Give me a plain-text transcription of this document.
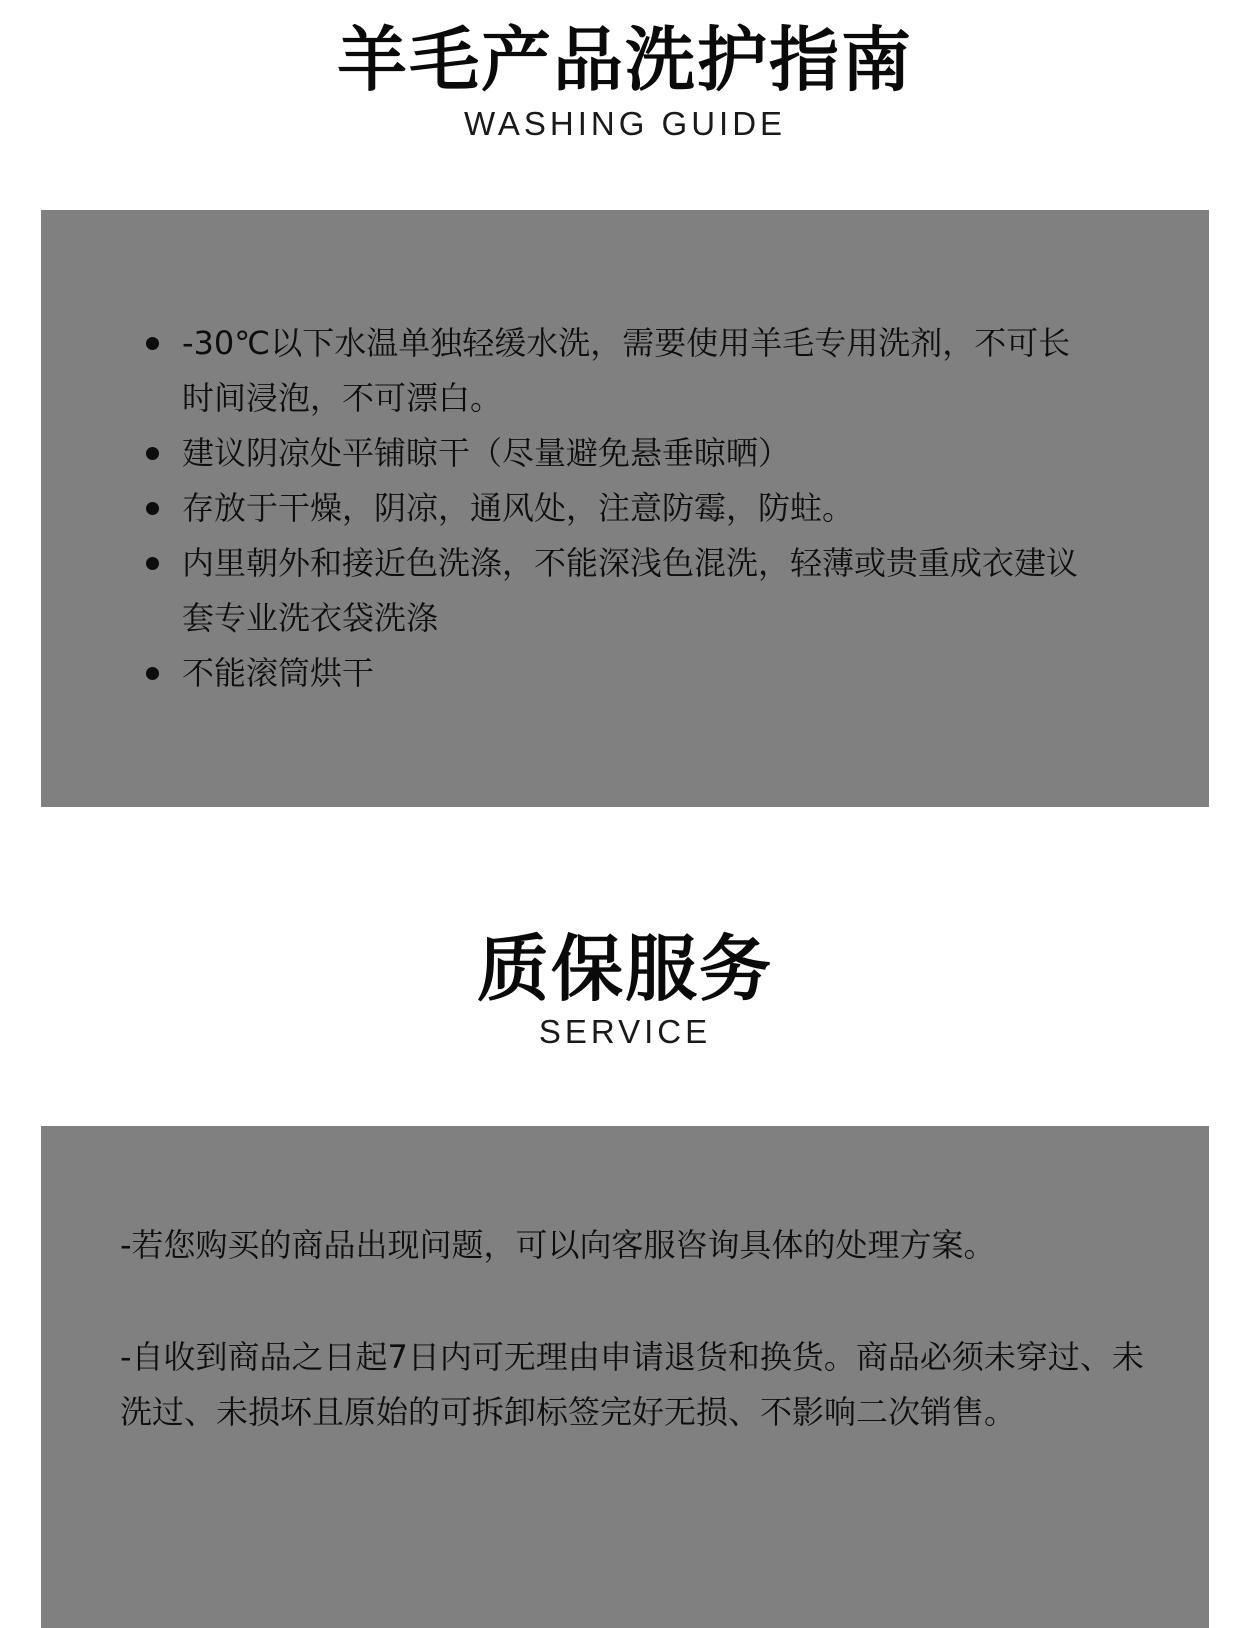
羊毛产品洗护指南
WASHING GUIDE
-30℃以下水温单独轻缓水洗，需要使用羊毛专用洗剂，不可长时间浸泡，不可漂白。
建议阴凉处平铺晾干（尽量避免悬垂晾晒）
存放于干燥，阴凉，通风处，注意防霉，防蛀。
内里朝外和接近色洗涤，不能深浅色混洗，轻薄或贵重成衣建议套专业洗衣袋洗涤
不能滚筒烘干
质保服务
SERVICE

-若您购买的商品出现问题，可以向客服咨询具体的处理方案。

-自收到商品之日起7日内可无理由申请退货和换货。商品必须未穿过、未洗过、未损坏且原始的可拆卸标签完好无损、不影响二次销售。
